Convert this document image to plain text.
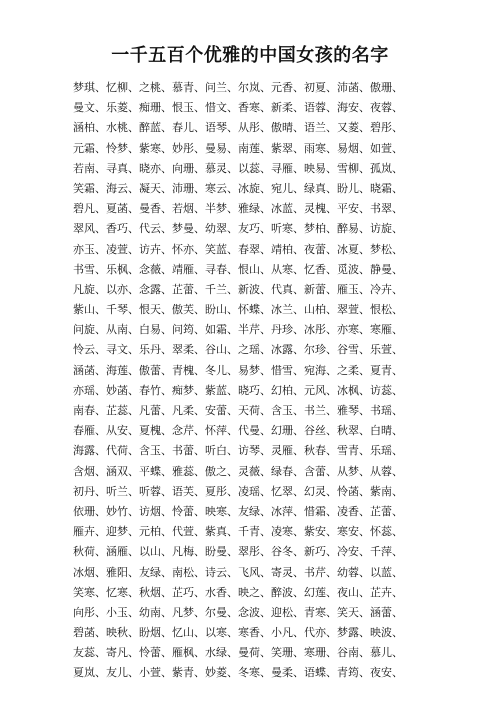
一千五百个优雅的中国女孩的名字
梦琪、忆柳、之桃、慕青、问兰、尔岚、元香、初夏、沛菡、傲珊、
曼文、乐菱、痴珊、恨玉、惜文、香寒、新柔、语蓉、海安、夜蓉、
涵柏、水桃、醉蓝、春儿、语琴、从彤、傲晴、语兰、又菱、碧彤、
元霜、怜梦、紫寒、妙彤、曼易、南莲、紫翠、雨寒、易烟、如萱、
若南、寻真、晓亦、向珊、慕灵、以蕊、寻雁、映易、雪柳、孤岚、
笑霜、海云、凝天、沛珊、寒云、冰旋、宛儿、绿真、盼儿、晓霜、
碧凡、夏菡、曼香、若烟、半梦、雅绿、冰蓝、灵槐、平安、书翠、
翠风、香巧、代云、梦曼、幼翠、友巧、听寒、梦柏、醉易、访旋、
亦玉、凌萱、访卉、怀亦、笑蓝、春翠、靖柏、夜蕾、冰夏、梦松、
书雪、乐枫、念薇、靖雁、寻春、恨山、从寒、忆香、觅波、静曼、
凡旋、以亦、念露、芷蕾、千兰、新波、代真、新蕾、雁玉、冷卉、
紫山、千琴、恨天、傲芙、盼山、怀蝶、冰兰、山柏、翠萱、恨松、
问旋、从南、白易、问筠、如霜、半芹、丹珍、冰彤、亦寒、寒雁、
怜云、寻文、乐丹、翠柔、谷山、之瑶、冰露、尔珍、谷雪、乐萱、
涵菡、海莲、傲蕾、青槐、冬儿、易梦、惜雪、宛海、之柔、夏青、
亦瑶、妙菡、春竹、痴梦、紫蓝、晓巧、幻柏、元风、冰枫、访蕊、
南春、芷蕊、凡蕾、凡柔、安蕾、天荷、含玉、书兰、雅琴、书瑶、
春雁、从安、夏槐、念芹、怀萍、代曼、幻珊、谷丝、秋翠、白晴、
海露、代荷、含玉、书蕾、听白、访琴、灵雁、秋春、雪青、乐瑶、
含烟、涵双、平蝶、雅蕊、傲之、灵薇、绿春、含蕾、从梦、从蓉、
初丹、听兰、听蓉、语芙、夏彤、凌瑶、忆翠、幻灵、怜菡、紫南、
依珊、妙竹、访烟、怜蕾、映寒、友绿、冰萍、惜霜、凌香、芷蕾、
雁卉、迎梦、元柏、代萱、紫真、千青、凌寒、紫安、寒安、怀蕊、
秋荷、涵雁、以山、凡梅、盼曼、翠彤、谷冬、新巧、冷安、千萍、
冰烟、雅阳、友绿、南松、诗云、飞风、寄灵、书芹、幼蓉、以蓝、
笑寒、忆寒、秋烟、芷巧、水香、映之、醉波、幻莲、夜山、芷卉、
向彤、小玉、幼南、凡梦、尔曼、念波、迎松、青寒、笑天、涵蕾、
碧菡、映秋、盼烟、忆山、以寒、寒香、小凡、代亦、梦露、映波、
友蕊、寄凡、怜蕾、雁枫、水绿、曼荷、笑珊、寒珊、谷南、慕儿、
夏岚、友儿、小萱、紫青、妙菱、冬寒、曼柔、语蝶、青筠、夜安、
